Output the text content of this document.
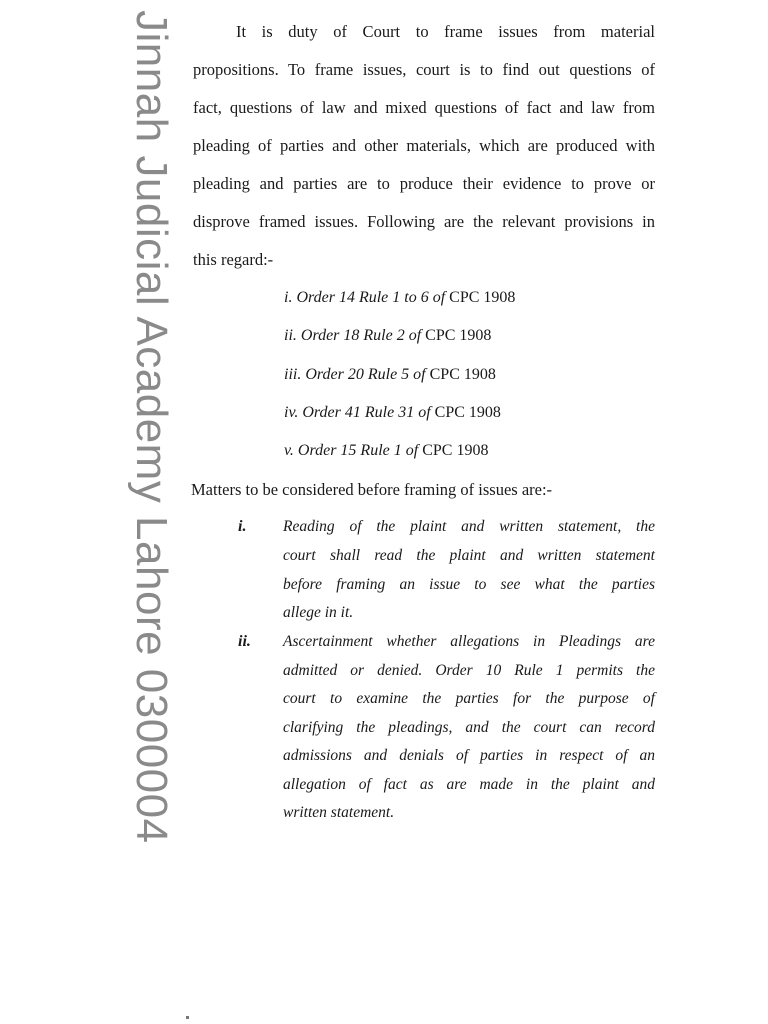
Jinnah Judicial Academy Lahore 0300004	It is duty of Court to frame issues from material
propositions. To frame issues, court is to find out questions of
fact, questions of law and mixed questions of fact and law from
pleading of parties and other materials, which are produced with
pleading and parties are to produce their evidence to prove or
disprove framed issues. Following are the relevant provisions in
this regard:-
i. Order 14 Rule 1 to 6 of CPC 1908
ii. Order 18 Rule 2 of CPC 1908
iii. Order 20 Rule 5 of CPC 1908
iv. Order 41 Rule 31 of CPC 1908
v. Order 15 Rule 1 of CPC 1908
Matters to be considered before framing of issues are:-
i. Reading of the plaint and written statement, the
court shall read the plaint and written statement
before framing an issue to see what the parties
allege in it.
ii. Ascertainment whether allegations in Pleadings are
admitted or denied. Order 10 Rule 1 permits the
court to examine the parties for the purpose of
clarifying the pleadings, and the court can record
admissions and denials of parties in respect of an
allegation of fact as are made in the plaint and
written statement.
